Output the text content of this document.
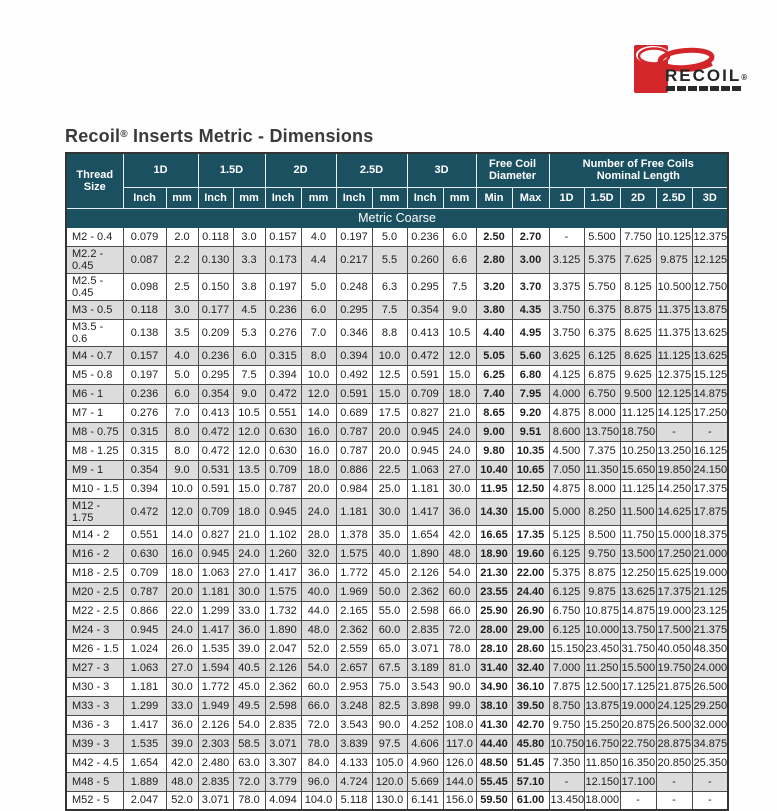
RECOIL®
Recoil® Inserts Metric - Dimensions
Thread Size	1D		1.5D		2D		2.5D		3D		Free Coil Diameter		Number of Free Coils
Nominal Length				

	Inch	mm	Inch	mm	Inch	mm	Inch	mm	Inch	mm	Min	Max	1D	1.5D	2D	2.5D	3D
Metric Coarse																	
M2 - 0.4	0.079	2.0	0.118	3.0	0.157	4.0	0.197	5.0	0.236	6.0	2.50	2.70	-	5.500	7.750	10.125	12.375
M2.2 - 0.45	0.087	2.2	0.130	3.3	0.173	4.4	0.217	5.5	0.260	6.6	2.80	3.00	3.125	5.375	7.625	9.875	12.125
M2.5 - 0.45	0.098	2.5	0.150	3.8	0.197	5.0	0.248	6.3	0.295	7.5	3.20	3.70	3.375	5.750	8.125	10.500	12.750
M3 - 0.5	0.118	3.0	0.177	4.5	0.236	6.0	0.295	7.5	0.354	9.0	3.80	4.35	3.750	6.375	8.875	11.375	13.875
M3.5 - 0.6	0.138	3.5	0.209	5.3	0.276	7.0	0.346	8.8	0.413	10.5	4.40	4.95	3.750	6.375	8.625	11.375	13.625
M4 - 0.7	0.157	4.0	0.236	6.0	0.315	8.0	0.394	10.0	0.472	12.0	5.05	5.60	3.625	6.125	8.625	11.125	13.625
M5 - 0.8	0.197	5.0	0.295	7.5	0.394	10.0	0.492	12.5	0.591	15.0	6.25	6.80	4.125	6.875	9.625	12.375	15.125
M6 - 1	0.236	6.0	0.354	9.0	0.472	12.0	0.591	15.0	0.709	18.0	7.40	7.95	4.000	6.750	9.500	12.125	14.875
M7 - 1	0.276	7.0	0.413	10.5	0.551	14.0	0.689	17.5	0.827	21.0	8.65	9.20	4.875	8.000	11.125	14.125	17.250
M8 - 0.75	0.315	8.0	0.472	12.0	0.630	16.0	0.787	20.0	0.945	24.0	9.00	9.51	8.600	13.750	18.750	-	-
M8 - 1.25	0.315	8.0	0.472	12.0	0.630	16.0	0.787	20.0	0.945	24.0	9.80	10.35	4.500	7.375	10.250	13.250	16.125
M9 - 1	0.354	9.0	0.531	13.5	0.709	18.0	0.886	22.5	1.063	27.0	10.40	10.65	7.050	11.350	15.650	19.850	24.150
M10 - 1.5	0.394	10.0	0.591	15.0	0.787	20.0	0.984	25.0	1.181	30.0	11.95	12.50	4.875	8.000	11.125	14.250	17.375
M12 - 1.75	0.472	12.0	0.709	18.0	0.945	24.0	1.181	30.0	1.417	36.0	14.30	15.00	5.000	8.250	11.500	14.625	17.875
M14 - 2	0.551	14.0	0.827	21.0	1.102	28.0	1.378	35.0	1.654	42.0	16.65	17.35	5.125	8.500	11.750	15.000	18.375
M16 - 2	0.630	16.0	0.945	24.0	1.260	32.0	1.575	40.0	1.890	48.0	18.90	19.60	6.125	9.750	13.500	17.250	21.000
M18 - 2.5	0.709	18.0	1.063	27.0	1.417	36.0	1.772	45.0	2.126	54.0	21.30	22.00	5.375	8.875	12.250	15.625	19.000
M20 - 2.5	0.787	20.0	1.181	30.0	1.575	40.0	1.969	50.0	2.362	60.0	23.55	24.40	6.125	9.875	13.625	17.375	21.125
M22 - 2.5	0.866	22.0	1.299	33.0	1.732	44.0	2.165	55.0	2.598	66.0	25.90	26.90	6.750	10.875	14.875	19.000	23.125
M24 - 3	0.945	24.0	1.417	36.0	1.890	48.0	2.362	60.0	2.835	72.0	28.00	29.00	6.125	10.000	13.750	17.500	21.375
M26 - 1.5	1.024	26.0	1.535	39.0	2.047	52.0	2.559	65.0	3.071	78.0	28.10	28.60	15.150	23.450	31.750	40.050	48.350
M27 - 3	1.063	27.0	1.594	40.5	2.126	54.0	2.657	67.5	3.189	81.0	31.40	32.40	7.000	11.250	15.500	19.750	24.000
M30 - 3	1.181	30.0	1.772	45.0	2.362	60.0	2.953	75.0	3.543	90.0	34.90	36.10	7.875	12.500	17.125	21.875	26.500
M33 - 3	1.299	33.0	1.949	49.5	2.598	66.0	3.248	82.5	3.898	99.0	38.10	39.50	8.750	13.875	19.000	24.125	29.250
M36 - 3	1.417	36.0	2.126	54.0	2.835	72.0	3.543	90.0	4.252	108.0	41.30	42.70	9.750	15.250	20.875	26.500	32.000
M39 - 3	1.535	39.0	2.303	58.5	3.071	78.0	3.839	97.5	4.606	117.0	44.40	45.80	10.750	16.750	22.750	28.875	34.875
M42 - 4.5	1.654	42.0	2.480	63.0	3.307	84.0	4.133	105.0	4.960	126.0	48.50	51.45	7.350	11.850	16.350	20.850	25.350
M48 - 5	1.889	48.0	2.835	72.0	3.779	96.0	4.724	120.0	5.669	144.0	55.45	57.10	-	12.150	17.100	-	-
M52 - 5	2.047	52.0	3.071	78.0	4.094	104.0	5.118	130.0	6.141	156.0	59.50	61.00	13.450	18.000	-	-	-
